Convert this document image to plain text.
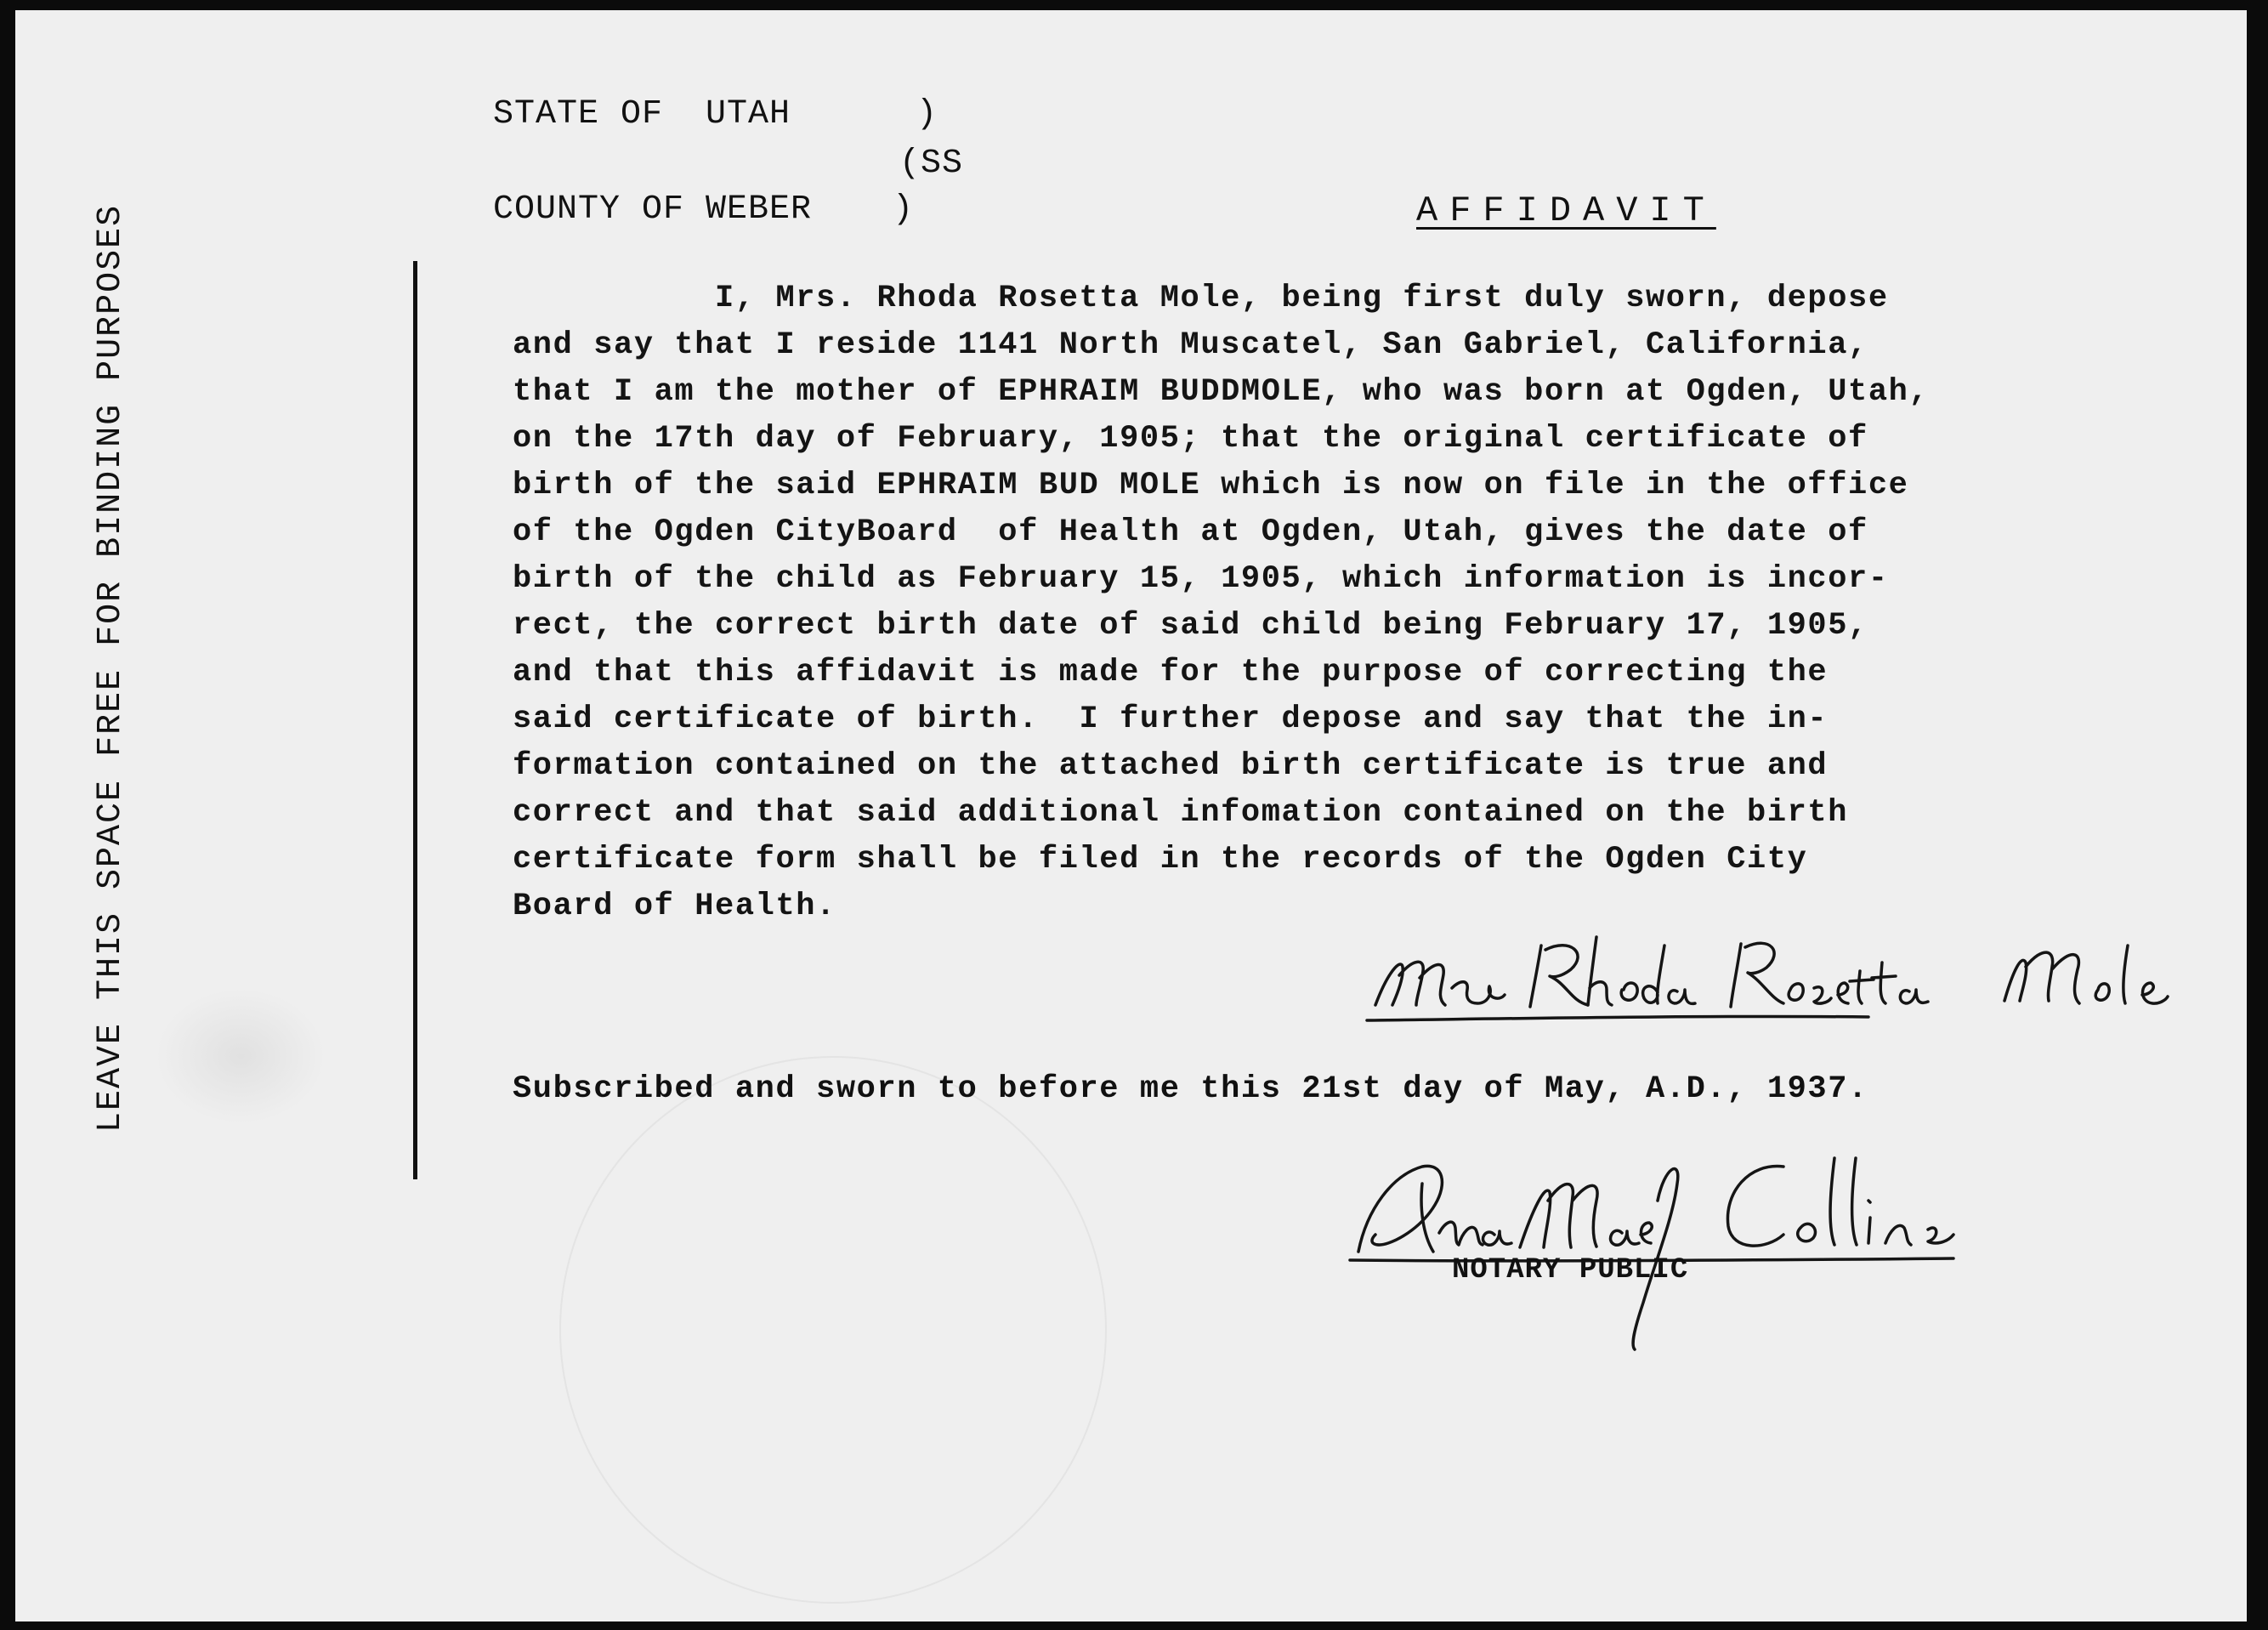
LEAVE THIS SPACE FREE FOR BINDING PURPOSES
STATE OF  UTAH	)
(SS
COUNTY OF WEBER )	AFFIDAVIT
I, Mrs. Rhoda Rosetta Mole, being first duly sworn, depose
and say that I reside 1141 North Muscatel, San Gabriel, California,
that I am the mother of EPHRAIM BUDDMOLE, who was born at Ogden, Utah,
on the 17th day of February, 1905; that the original certificate of
birth of the said EPHRAIM BUD MOLE which is now on file in the office
of the Ogden CityBoard  of Health at Ogden, Utah, gives the date of
birth of the child as February 15, 1905, which information is incor-
rect, the correct birth date of said child being February 17, 1905,
and that this affidavit is made for the purpose of correcting the
said certificate of birth.  I further depose and say that the in-
formation contained on the attached birth certificate is true and
correct and that said additional infomation contained on the birth
certificate form shall be filed in the records of the Ogden City
Board of Health.
Subscribed and sworn to before me this 21st day of May, A.D., 1937.
NOTARY PUBLIC
